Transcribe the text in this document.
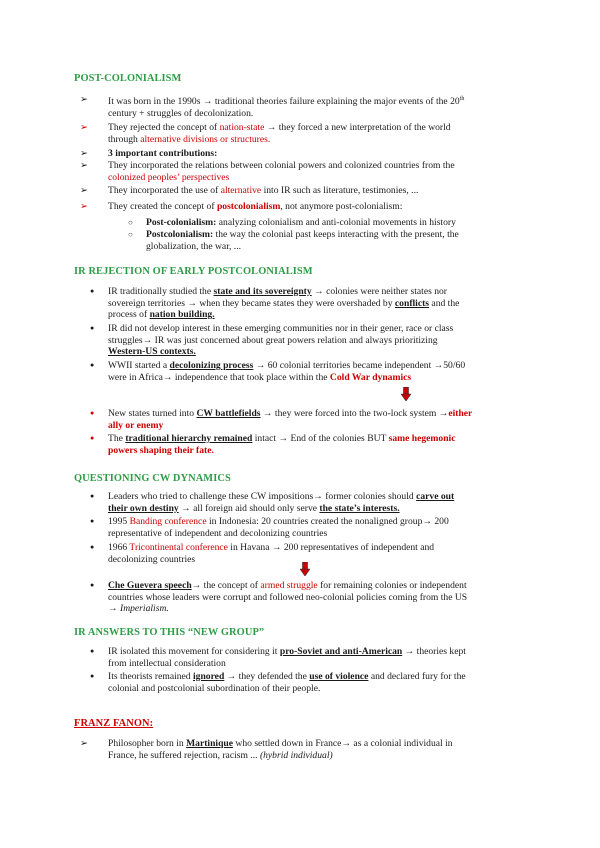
POST-COLONIALISM
➢ It was born in the 1990s → traditional theories failure explaining the major events of the 20th
century + struggles of decolonization.
➢ They rejected the concept of nation-state → they forced a new interpretation of the world
through alternative divisions or structures.
➢ 3 important contributions:
➢ They incorporated the relations between colonial powers and colonized countries from the
colonized peoples’ perspectives
➢ They incorporated the use of alternative into IR such as literature, testimonies, ...
➢ They created the concept of postcolonialism, not anymore post-colonialism:
○ Post-colonialism: analyzing colonialism and anti-colonial movements in history
○ Postcolonialism: the way the colonial past keeps interacting with the present, the
globalization, the war, ...
IR REJECTION OF EARLY POSTCOLONIALISM
● IR traditionally studied the state and its sovereignty → colonies were neither states nor
sovereign territories → when they became states they were overshaded by conflicts and the
process of nation building.
● IR did not develop interest in these emerging communities nor in their gener, race or class
struggles→ IR was just concerned about great powers relation and always prioritizing
Western-US contexts.
● WWII started a decolonizing process → 60 colonial territories became independent →50/60
were in Africa→ independence that took place within the Cold War dynamics
● New states turned into CW battlefields → they were forced into the two-lock system →either
ally or enemy
● The traditional hierarchy remained intact → End of the colonies BUT same hegemonic
powers shaping their fate.
QUESTIONING CW DYNAMICS
● Leaders who tried to challenge these CW impositions→ former colonies should carve out
their own destiny → all foreign aid should only serve the state’s interests.
● 1995 Banding conference in Indonesia: 20 countries created the nonaligned group→ 200
representative of independent and decolonizing countries
● 1966 Tricontinental conference in Havana → 200 representatives of independent and
decolonizing countries
● Che Guevera speech→ the concept of armed struggle for remaining colonies or independent
countries whose leaders were corrupt and followed neo-colonial policies coming from the US
→ Imperialism.
IR ANSWERS TO THIS “NEW GROUP”
● IR isolated this movement for considering it pro-Soviet and anti-American → theories kept
from intellectual consideration
● Its theorists remained ignored → they defended the use of violence and declared fury for the
colonial and postcolonial subordination of their people.
FRANZ FANON:
➢ Philosopher born in Martinique who settled down in France→ as a colonial individual in
France, he suffered rejection, racism ... (hybrid individual)
